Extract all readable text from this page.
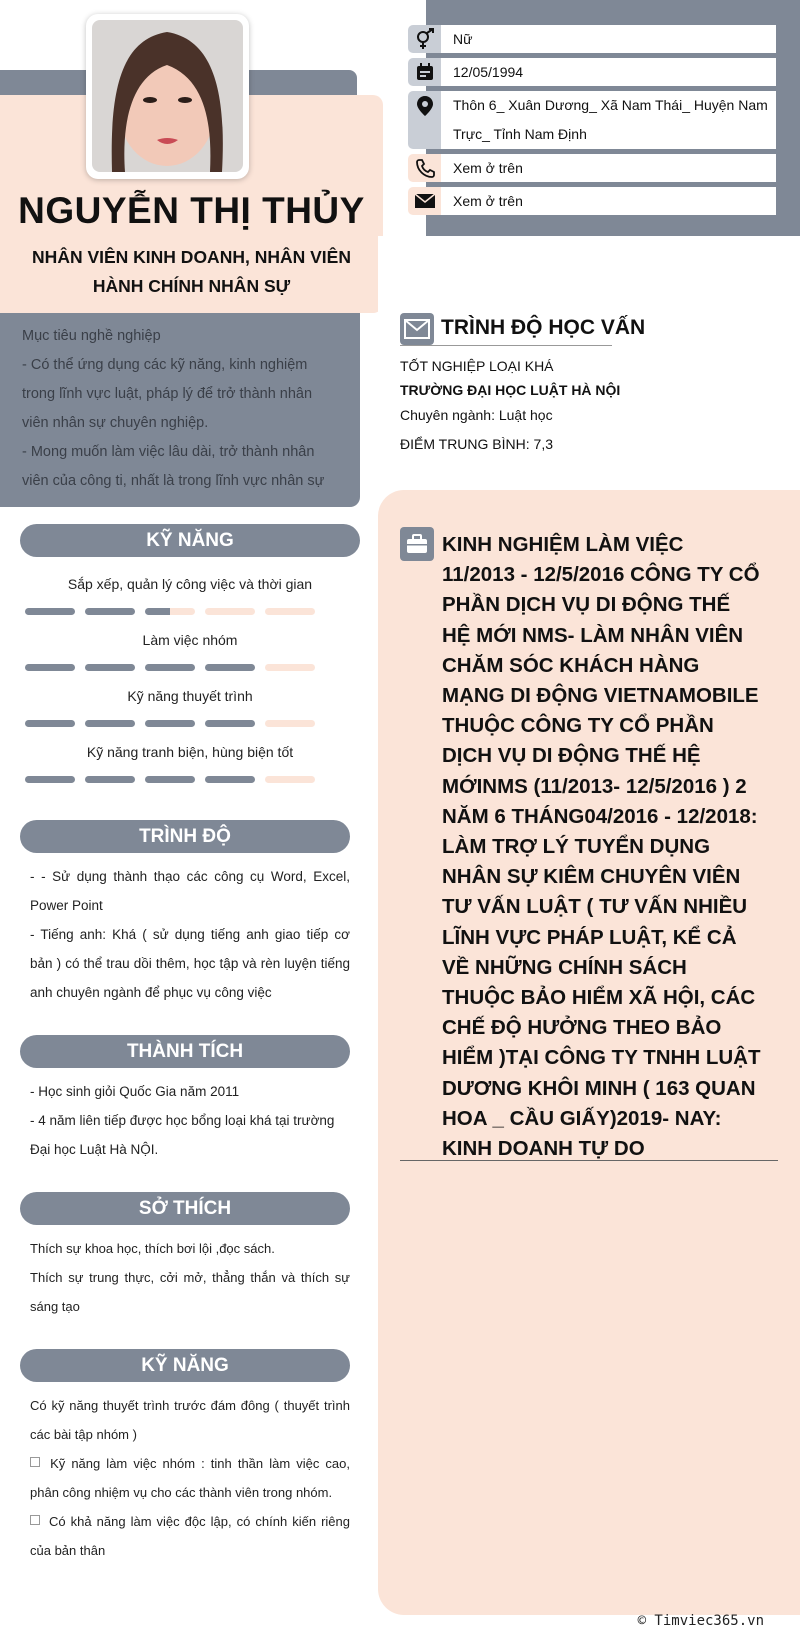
NGUYỄN THỊ THỦY
NHÂN VIÊN KINH DOANH, NHÂN VIÊN HÀNH CHÍNH NHÂN SỰ
Mục tiêu nghề nghiệp
- Có thể ứng dụng các kỹ năng, kinh nghiệm trong lĩnh vực luật, pháp lý để trở thành nhân viên nhân sự chuyên nghiệp.
- Mong muốn làm việc lâu dài, trở thành nhân viên của công ti, nhất là trong lĩnh vực nhân sự
KỸ NĂNG
Sắp xếp, quản lý công việc và thời gian
Làm việc nhóm
Kỹ năng thuyết trình
Kỹ năng tranh biện, hùng biện tốt
TRÌNH ĐỘ
- - Sử dụng thành thạo các công cụ Word, Excel, Power Point
- Tiếng anh: Khá ( sử dụng tiếng anh giao tiếp cơ bản ) có thể trau dồi thêm, học tập và rèn luyện tiếng anh chuyên ngành để phục vụ công việc
THÀNH TÍCH
- Học sinh giỏi Quốc Gia năm 2011
- 4 năm liên tiếp được học bổng loại khá tại trường Đại học Luật Hà NỘI.
SỞ THÍCH
Thích sự khoa học, thích bơi lội ,đọc sách.
Thích sự trung thực, cởi mở, thẳng thắn và thích sự sáng tạo
KỸ NĂNG
Có kỹ năng thuyết trình trước đám đông ( thuyết trình các bài tập nhóm )
Kỹ năng làm việc nhóm : tinh thần làm việc cao, phân công nhiệm vụ cho các thành viên trong nhóm.
Có khả năng làm việc độc lập, có chính kiến riêng của bản thân
Nữ
12/05/1994
Thôn 6_ Xuân Dương_ Xã Nam Thái_ Huyện Nam Trực_ Tỉnh Nam Định
Xem ở trên
Xem ở trên
TRÌNH ĐỘ HỌC VẤN
TỐT NGHIỆP LOẠI KHÁ
TRƯỜNG ĐẠI HỌC LUẬT HÀ NỘI
Chuyên ngành: Luật học
ĐIỂM TRUNG BÌNH: 7,3
KINH NGHIỆM LÀM VIỆC 11/2013 - 12/5/2016 CÔNG TY CỔ PHẦN DỊCH VỤ DI ĐỘNG THẾ HỆ MỚI NMS- LÀM NHÂN VIÊN CHĂM SÓC KHÁCH HÀNG MẠNG DI ĐỘNG VIETNAMOBILE THUỘC CÔNG TY CỔ PHẦN DỊCH VỤ DI ĐỘNG THẾ HỆ MỚINMS (11/2013- 12/5/2016 ) 2 NĂM 6 THÁNG04/2016 - 12/2018: LÀM TRỢ LÝ TUYỂN DỤNG NHÂN SỰ KIÊM CHUYÊN VIÊN TƯ VẤN LUẬT ( TƯ VẤN NHIỀU LĨNH VỰC PHÁP LUẬT, KỂ CẢ VỀ NHỮNG CHÍNH SÁCH THUỘC BẢO HIỂM XÃ HỘI, CÁC CHẾ ĐỘ HƯỞNG THEO BẢO HIỂM )TẠI CÔNG TY TNHH LUẬT DƯƠNG KHÔI MINH ( 163 QUAN HOA _ CẦU GIẤY)2019- NAY: KINH DOANH TỰ DO
© Timviec365.vn
